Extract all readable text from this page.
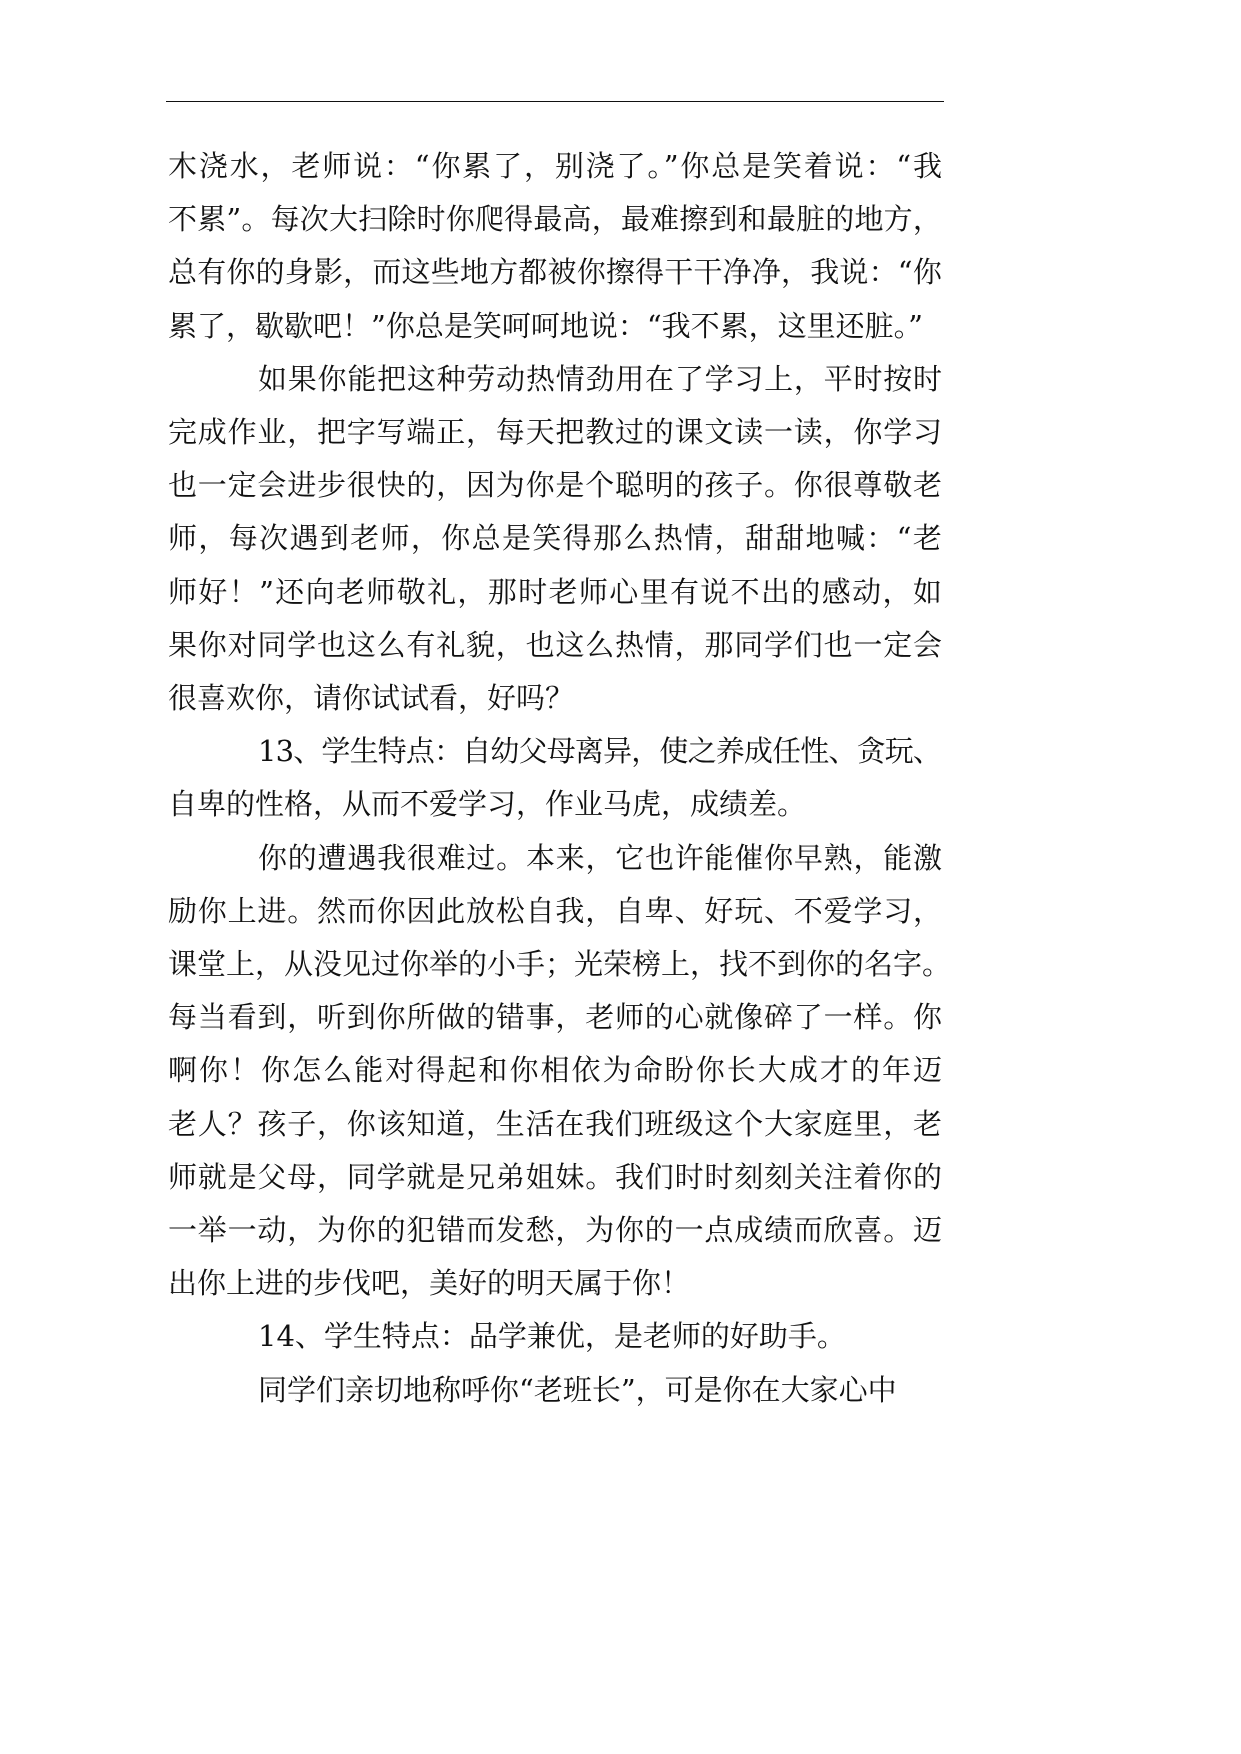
木浇水，老师说：“你累了，别浇了。”你总是笑着说：“我
不累”。每次大扫除时你爬得最高，最难擦到和最脏的地方，
总有你的身影，而这些地方都被你擦得干干净净，我说：“你
累了，歇歇吧！”你总是笑呵呵地说：“我不累，这里还脏。”
如果你能把这种劳动热情劲用在了学习上，平时按时
完成作业，把字写端正，每天把教过的课文读一读，你学习
也一定会进步很快的，因为你是个聪明的孩子。你很尊敬老
师，每次遇到老师，你总是笑得那么热情，甜甜地喊：“老
师好！”还向老师敬礼，那时老师心里有说不出的感动，如
果你对同学也这么有礼貌，也这么热情，那同学们也一定会
很喜欢你，请你试试看，好吗？
13、学生特点：自幼父母离异，使之养成任性、贪玩、
自卑的性格，从而不爱学习，作业马虎，成绩差。
你的遭遇我很难过。本来，它也许能催你早熟，能激
励你上进。然而你因此放松自我，自卑、好玩、不爱学习，
课堂上，从没见过你举的小手；光荣榜上，找不到你的名字。
每当看到，听到你所做的错事，老师的心就像碎了一样。你
啊你！你怎么能对得起和你相依为命盼你长大成才的年迈
老人？孩子，你该知道，生活在我们班级这个大家庭里，老
师就是父母，同学就是兄弟姐妹。我们时时刻刻关注着你的
一举一动，为你的犯错而发愁，为你的一点成绩而欣喜。迈
出你上进的步伐吧，美好的明天属于你！
14、学生特点：品学兼优，是老师的好助手。
同学们亲切地称呼你“老班长”，可是你在大家心中
